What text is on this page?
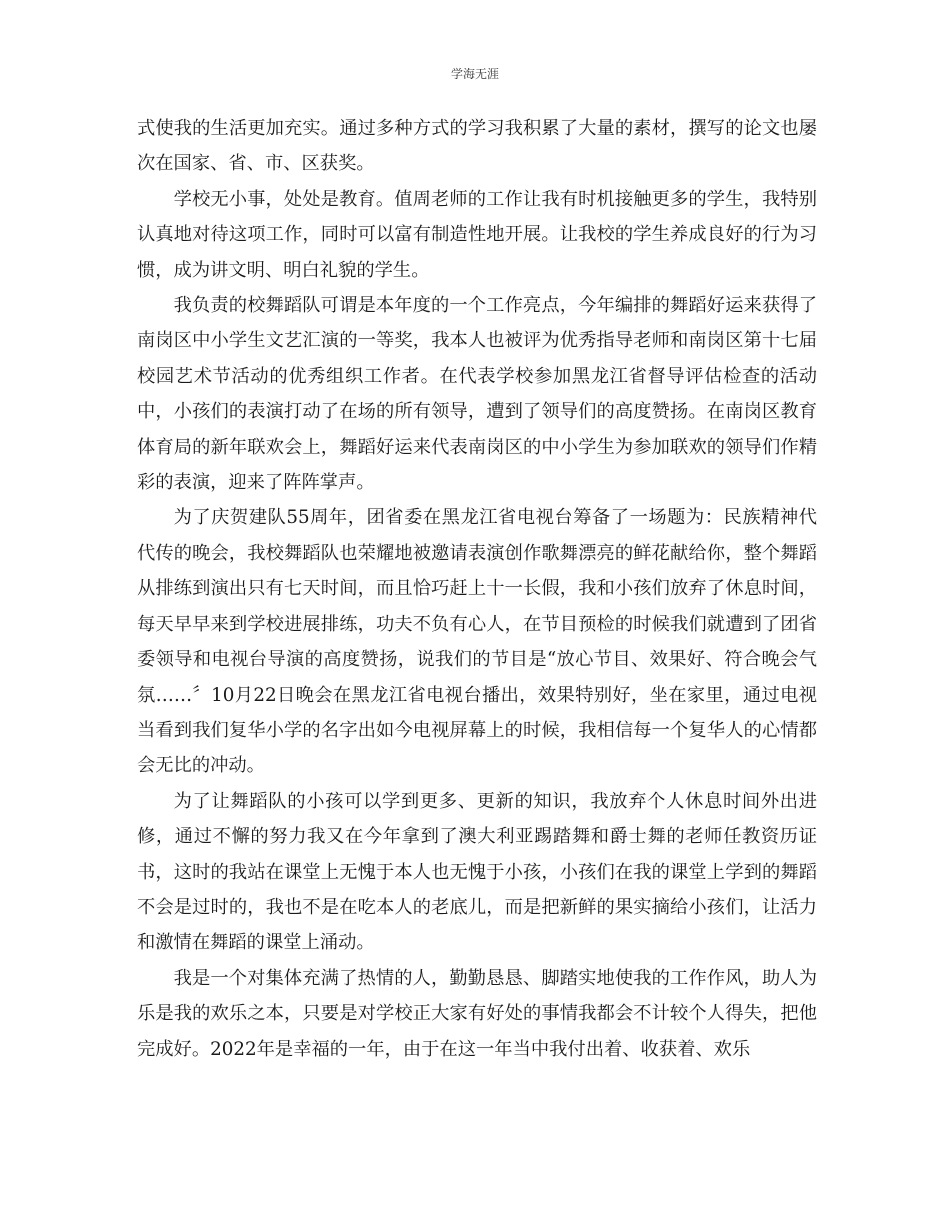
学海无涯

式使我的生活更加充实。通过多种方式的学习我积累了大量的素材，撰写的论文也屡次在国家、省、市、区获奖。

学校无小事，处处是教育。值周老师的工作让我有时机接触更多的学生，我特别认真地对待这项工作，同时可以富有制造性地开展。让我校的学生养成良好的行为习惯，成为讲文明、明白礼貌的学生。

我负责的校舞蹈队可谓是本年度的一个工作亮点，今年编排的舞蹈好运来获得了南岗区中小学生文艺汇演的一等奖，我本人也被评为优秀指导老师和南岗区第十七届校园艺术节活动的优秀组织工作者。在代表学校参加黑龙江省督导评估检查的活动中，小孩们的表演打动了在场的所有领导，遭到了领导们的高度赞扬。在南岗区教育体育局的新年联欢会上，舞蹈好运来代表南岗区的中小学生为参加联欢的领导们作精彩的表演，迎来了阵阵掌声。

为了庆贺建队55周年，团省委在黑龙江省电视台筹备了一场题为：民族精神代代传的晚会，我校舞蹈队也荣耀地被邀请表演创作歌舞漂亮的鲜花献给你，整个舞蹈从排练到演出只有七天时间，而且恰巧赶上十一长假，我和小孩们放弃了休息时间，每天早早来到学校进展排练，功夫不负有心人，在节目预检的时候我们就遭到了团省委领导和电视台导演的高度赞扬，说我们的节目是“放心节目、效果好、符合晚会气氛……〞10月22日晚会在黑龙江省电视台播出，效果特别好，坐在家里，通过电视当看到我们复华小学的名字出如今电视屏幕上的时候，我相信每一个复华人的心情都会无比的冲动。

为了让舞蹈队的小孩可以学到更多、更新的知识，我放弃个人休息时间外出进修，通过不懈的努力我又在今年拿到了澳大利亚踢踏舞和爵士舞的老师任教资历证书，这时的我站在课堂上无愧于本人也无愧于小孩，小孩们在我的课堂上学到的舞蹈不会是过时的，我也不是在吃本人的老底儿，而是把新鲜的果实摘给小孩们，让活力和激情在舞蹈的课堂上涌动。

我是一个对集体充满了热情的人，勤勤恳恳、脚踏实地使我的工作作风，助人为乐是我的欢乐之本，只要是对学校正大家有好处的事情我都会不计较个人得失，把他完成好。2022年是幸福的一年，由于在这一年当中我付出着、收获着、欢乐
